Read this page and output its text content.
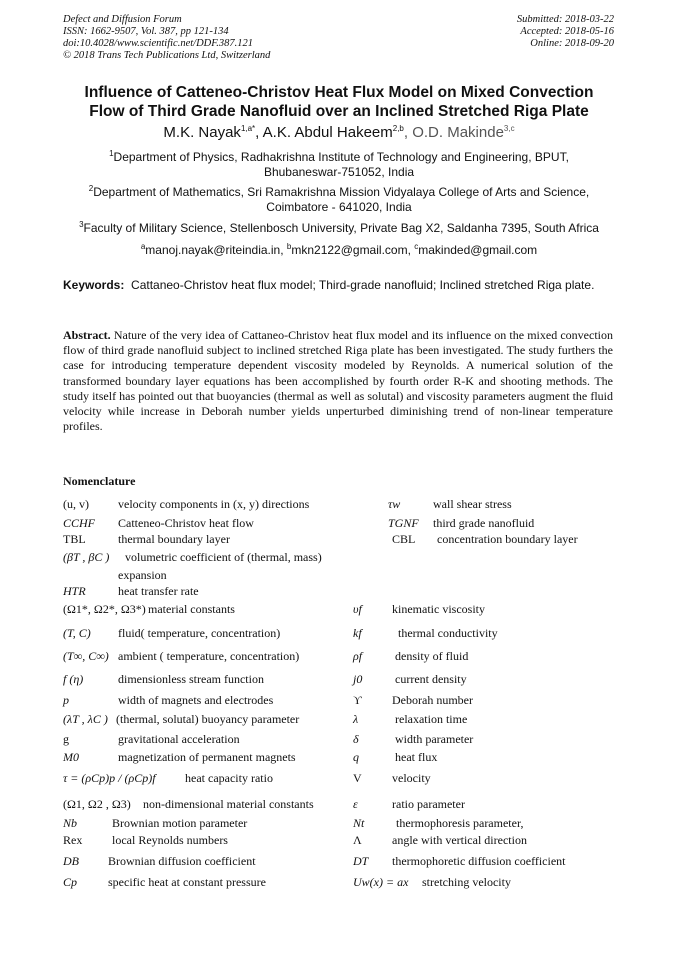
Defect and Diffusion Forum
ISSN: 1662-9507, Vol. 387, pp 121-134
doi:10.4028/www.scientific.net/DDF.387.121
© 2018 Trans Tech Publications Ltd, Switzerland
Submitted: 2018-03-22
Accepted: 2018-05-16
Online: 2018-09-20
Influence of Catteneo-Christov Heat Flux Model on Mixed Convection
Flow of Third Grade Nanofluid over an Inclined Stretched Riga Plate
M.K. Nayak$^{1,a*}$, A.K. Abdul Hakeem$^{2,b}$, O.D. Makinde$^{3,c}$
$^1$Department of Physics, Radhakrishna Institute of Technology and Engineering, BPUT,
Bhubaneswar-751052, India
$^2$Department of Mathematics, Sri Ramakrishna Mission Vidyalaya College of Arts and Science,
Coimbatore - 641020, India
$^3$Faculty of Military Science, Stellenbosch University, Private Bag X2, Saldanha 7395, South Africa
$^a$manoj.nayak@riteindia.in, $^b$mkn2122@gmail.com, $^c$makinded@gmail.com
Keywords: Cattaneo-Christov heat flux model; Third-grade nanofluid; Inclined stretched Riga plate.
Abstract. Nature of the very idea of Cattaneo-Christov heat flux model and its influence on the mixed convection flow of third grade nanofluid subject to inclined stretched Riga plate has been investigated. The study furthers the case for introducing temperature dependent viscosity modeled by Reynolds. A numerical solution of the transformed boundary layer equations has been accomplished by fourth order R-K and shooting methods. The study itself has pointed out that buoyancies (thermal as well as solutal) and viscosity parameters augment the fluid velocity while increase in Deborah number yields unperturbed diminishing trend of non-linear temperature profiles.
Nomenclature
(u, v) velocity components in (x, y) directions
CCHF Catteneo-Christov heat flow
TBL	thermal boundary layer
(βT , βC ) volumetric coefficient of (thermal, mass)
expansion
HTR	heat transfer rate
(Ω1*, Ω2*, Ω3*) material constants
(T, C) fluid( temperature, concentration)
(T∞, C∞) ambient ( temperature, concentration)
f (η)	dimensionless stream function
p	width of magnets and electrodes
(λT , λC ) (thermal, solutal) buoyancy parameter
g	gravitational acceleration
M0	magnetization of permanent magnets
τ = (ρCp)p / (ρCp)f heat capacity ratio
(Ω1, Ω2 , Ω3) non-dimensional material constants
Nb	Brownian motion parameter
Rex local Reynolds numbers
DB Brownian diffusion coefficient
Cp	specific heat at constant pressure
τw	wall shear stress
TGNF third grade nanofluid
CBL concentration boundary layer
υf	kinematic viscosity
kf	thermal conductivity
ρf	density of fluid
j0	current density
ϒ	Deborah number
λ	relaxation time
δ	width parameter
q	heat flux
V	velocity
ε	ratio parameter
Nt	thermophoresis parameter,
Λ	angle with vertical direction
DT thermophoretic diffusion coefficient
Uw(x) = ax stretching velocity
